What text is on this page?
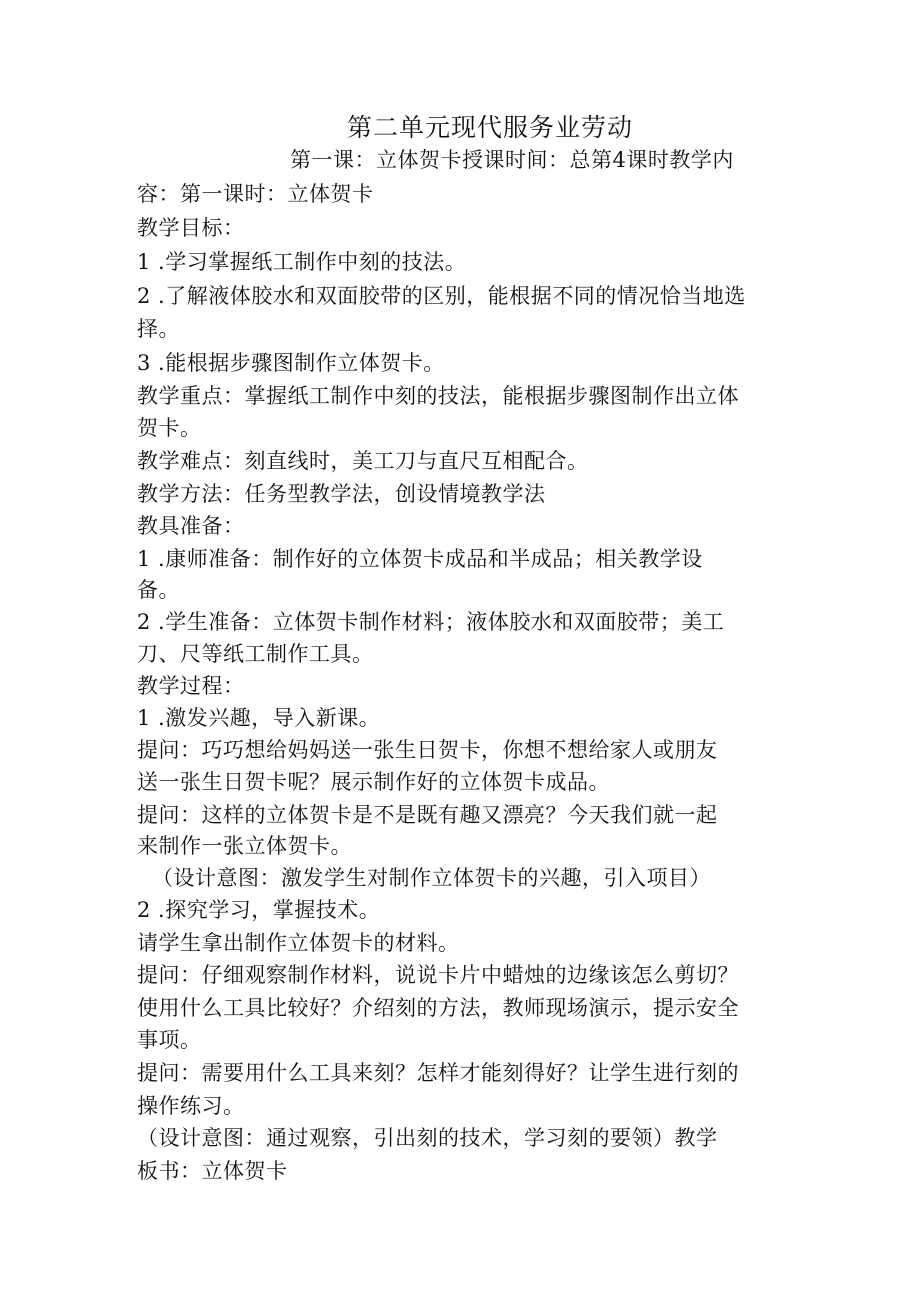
第二单元现代服务业劳动
第一课：立体贺卡授课时间：总第4课时教学内
容：第一课时：立体贺卡
教学目标：
1 .学习掌握纸工制作中刻的技法。
2 .了解液体胶水和双面胶带的区别，能根据不同的情况恰当地选
择。
3 .能根据步骤图制作立体贺卡。
教学重点：掌握纸工制作中刻的技法，能根据步骤图制作出立体
贺卡。
教学难点：刻直线时，美工刀与直尺互相配合。
教学方法：任务型教学法，创设情境教学法
教具准备：
1 .康师准备：制作好的立体贺卡成品和半成品；相关教学设
备。
2 .学生准备：立体贺卡制作材料；液体胶水和双面胶带；美工
刀、尺等纸工制作工具。
教学过程：
1 .激发兴趣，导入新课。
提问：巧巧想给妈妈送一张生日贺卡，你想不想给家人或朋友
送一张生日贺卡呢？展示制作好的立体贺卡成品。
提问：这样的立体贺卡是不是既有趣又漂亮？今天我们就一起
来制作一张立体贺卡。
（设计意图：激发学生对制作立体贺卡的兴趣，引入项目）
2 .探究学习，掌握技术。
请学生拿出制作立体贺卡的材料。
提问：仔细观察制作材料，说说卡片中蜡烛的边缘该怎么剪切？
使用什么工具比较好？介绍刻的方法，教师现场演示，提示安全
事项。
提问：需要用什么工具来刻？怎样才能刻得好？让学生进行刻的
操作练习。
（设计意图：通过观察，引出刻的技术，学习刻的要领）教学
板书：立体贺卡
